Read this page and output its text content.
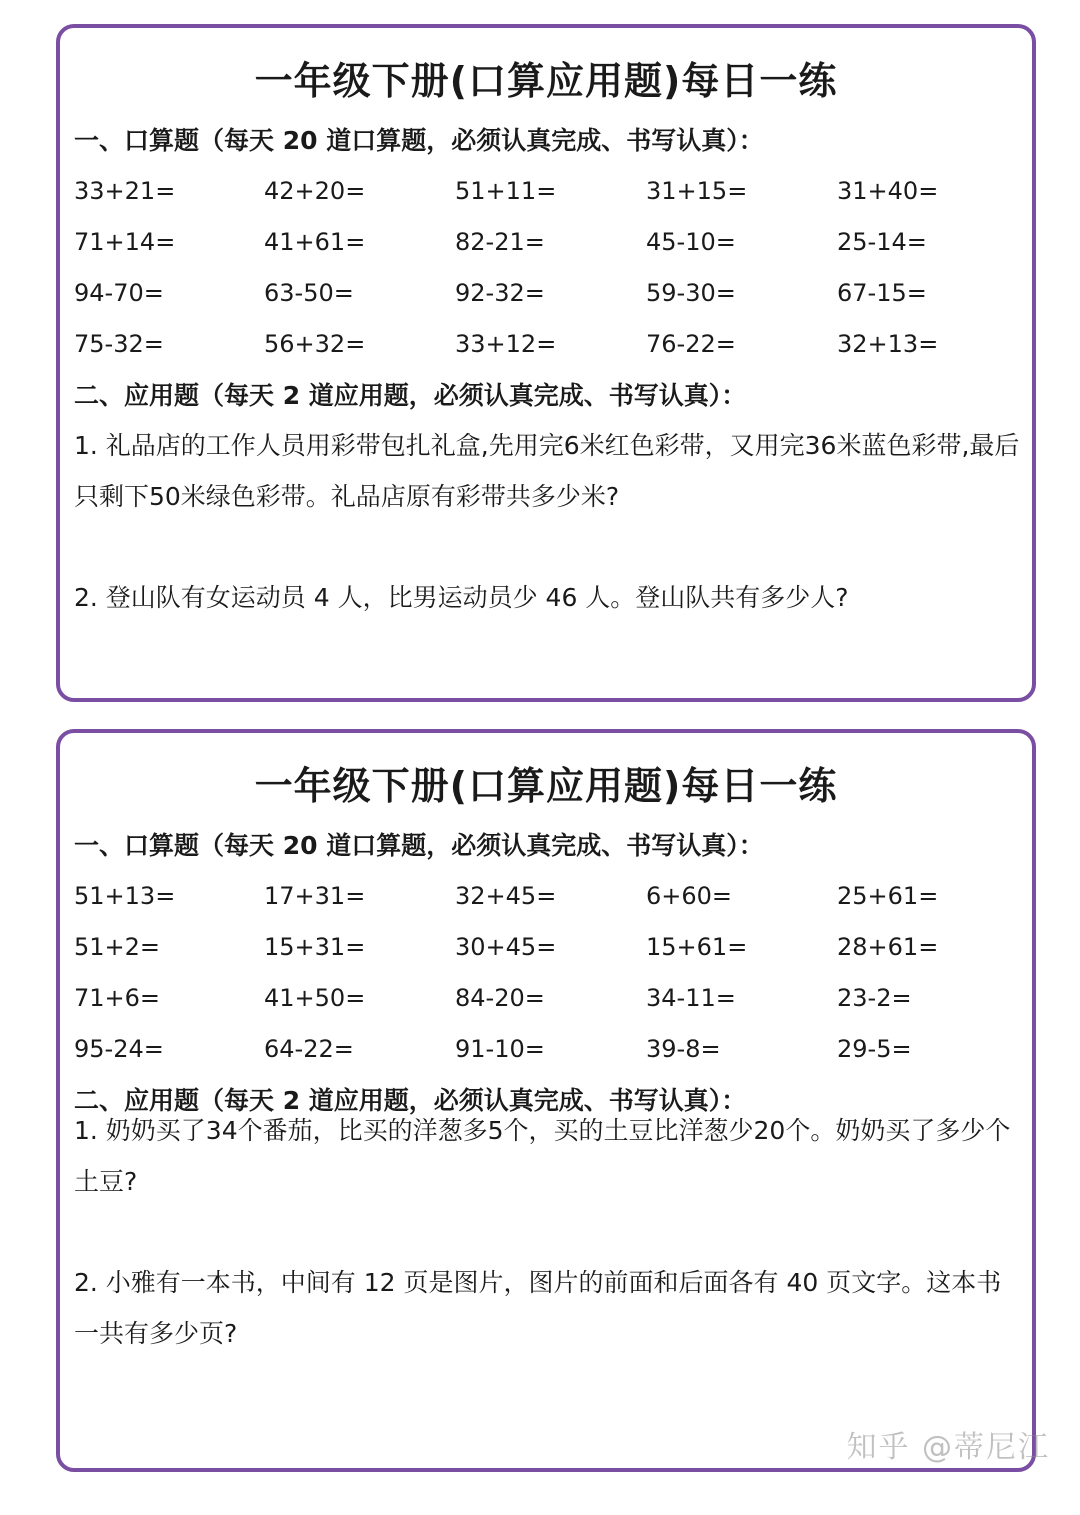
一年级下册(口算应用题)每日一练
一、口算题（每天 20 道口算题，必须认真完成、书写认真）：
33+21=	42+20=	51+11=	31+15=	31+40=
71+14=	41+61=	82-21=	45-10=	25-14=
94-70=	63-50=	92-32=	59-30=	67-15=
75-32=	56+32=	33+12=	76-22=	32+13=
二、应用题（每天 2 道应用题，必须认真完成、书写认真）：
1. 礼品店的工作人员用彩带包扎礼盒,先用完6米红色彩带，又用完36米蓝色彩带,最后只剩下50米绿色彩带。礼品店原有彩带共多少米?
2. 登山队有女运动员 4 人，比男运动员少 46 人。登山队共有多少人?
一年级下册(口算应用题)每日一练
一、口算题（每天 20 道口算题，必须认真完成、书写认真）：
51+13=	17+31=	32+45=	6+60=	25+61=
51+2=	15+31=	30+45=	15+61=	28+61=
71+6=	41+50=	84-20=	34-11=	23-2=
95-24=	64-22=	91-10=	39-8=	29-5=
二、应用题（每天 2 道应用题，必须认真完成、书写认真）：
1. 奶奶买了34个番茄，比买的洋葱多5个，买的土豆比洋葱少20个。奶奶买了多少个土豆?
2. 小雅有一本书，中间有 12 页是图片，图片的前面和后面各有 40 页文字。这本书一共有多少页?
知乎 @蒂尼江
